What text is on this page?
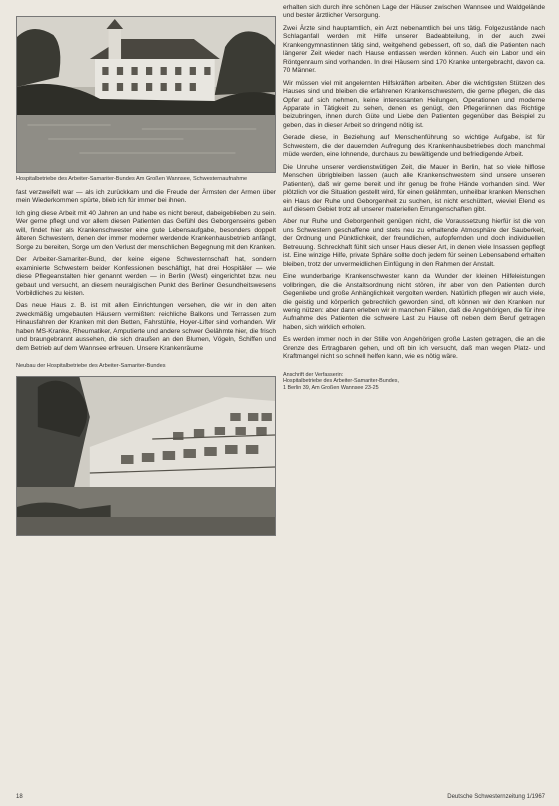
Hospitalbetriebe des Arbeiter-Samariter-Bundes Am Großen Wannsee, Schwesternaufnahme

fast verzweifelt war — als ich zurückkam und die Freude der Ärmsten der Armen über mein Wiederkommen spürte, blieb ich für immer bei ihnen.

Ich ging diese Arbeit mit 40 Jahren an und habe es nicht bereut, dabeigeblieben zu sein. Wer gerne pflegt und vor allem diesen Patienten das Gefühl des Geborgenseins geben will, findet hier als Krankenschwester eine gute Lebensaufgabe, besonders doppelt älteren Schwestern, denen der immer moderner werdende Krankenhausbetrieb anfängt, Sorge zu bereiten, Sorge um den Verlust der menschlichen Begegnung mit den Kranken.

Der Arbeiter-Samariter-Bund, der keine eigene Schwesternschaft hat, sondern examinierte Schwestern beider Konfessionen beschäftigt, hat drei Hospitäler — wie diese Pflegeanstalten hier genannt werden — in Berlin (West) eingerichtet bzw. neu gebaut und versucht, an diesem neuralgischen Punkt des Berliner Gesundheitswesens Vorbildliches zu leisten.

Das neue Haus z. B. ist mit allen Einrichtungen versehen, die wir in den alten zweckmäßig umgebauten Häusern vermißten: reichliche Balkons und Terrassen zum Hinausfahren der Kranken mit den Betten, Fahrstühle, Hoyer-Lifter sind vorhanden. Wir haben MS-Kranke, Rheumatiker, Amputierte und andere schwer Gelähmte hier, die frisch und braungebrannt aussehen, die sich draußen an den Blumen, Vögeln, Schiffen und dem Betrieb auf dem Wannsee erfreuen. Unsere Krankenräume

Neubau der Hospitalbetriebe des Arbeiter-Samariter-Bundes

erhalten sich durch ihre schönen Lage der Häuser zwischen Wannsee und Waldgelände und bester ärztlicher Versorgung.

Zwei Ärzte sind hauptamtlich, ein Arzt nebenamtlich bei uns tätig. Folgezustände nach Schlaganfall werden mit Hilfe unserer Badeabteilung, in der auch zwei Krankengymnastinnen tätig sind, weitgehend gebessert, oft so, daß die Patienten nach längerer Zeit wieder nach Hause entlassen werden können. Auch ein Labor und ein Röntgenraum sind vorhanden. In drei Häusern sind 170 Kranke untergebracht, davon ca. 70 Männer.

Wir müssen viel mit angelernten Hilfskräften arbeiten. Aber die wichtigsten Stützen des Hauses sind und bleiben die erfahrenen Krankenschwestern, die gerne pflegen, die das Opfer auf sich nehmen, keine interessanten Heilungen, Operationen und moderne Apparate in Tätigkeit zu sehen, denen es genügt, den Pflegeriinnen das Richtige beizubringen, ihnen durch Güte und Liebe den Patienten gegenüber das Beispiel zu geben, das in dieser Arbeit so dringend nötig ist.

Gerade diese, in Beziehung auf Menschenführung so wichtige Aufgabe, ist für Schwestern, die der dauernden Aufregung des Krankenhausbetriebes doch manchmal müde werden, eine lohnende, durchaus zu bewältigende und befriedigende Arbeit.

Die Unruhe unserer verdienstwütigen Zeit, die Mauer in Berlin, hat so viele hilflose Menschen übrigbleiben lassen (auch alle Krankenschwestern sind unsere unseren Patienten), daß wir gerne bereit und ihr genug be frohe Hände vorhanden sind. Wer plötzlich vor die Situation gestellt wird, für einen gelähmten, unheilbar kranken Menschen ein Haus der Ruhe und Geborgenheit zu suchen, ist nicht erschüttert, wieviel Elend es auf diesem Gebiet trotz all unserer materiellen Errungenschaften gibt.

Aber nur Ruhe und Geborgenheit genügen nicht, die Voraussetzung hierfür ist die von uns Schwestern geschaffene und stets neu zu erhaltende Atmosphäre der Sauberkeit, der Ordnung und Pünktlichkeit, der freundlichen, aufopfernden und doch individuellen Betreuung. Schreckhaft fühlt sich unser Haus dieser Art, in denen viele Insassen gepflegt ist. Eine winzige Hilfe, private Sphäre sollte doch jedem für seinen Lebensabend erhalten bleiben, trotz der unvermeidlichen Einfügung in den Rahmen der Anstalt.

Eine wunderbarige Krankenschwester kann da Wunder der kleinen Hilfeleistungen vollbringen, die die Anstaltsordnung nicht stören, ihr aber von den Patienten durch Gegenliebe und große Anhänglichkeit vergolten werden. Natürlich pflegen wir auch viele, die geistig und körperlich gebrechlich geworden sind, oft können wir den Kranken nur wenig nützen: aber dann erleben wir in manchen Fällen, daß die Angehörigen, die für ihre Aufnahme des Patienten die schwere Last zu Hause oft neben dem Beruf getragen haben, sich wirklich erholen.

Es werden immer noch in der Stille von Angehörigen große Lasten getragen, die an die Grenze des Ertragbaren gehen, und oft bin ich versucht, daß man wegen Platz- und Kraftmangel nicht so schnell helfen kann, wie es nötig wäre.

Anschrift der Verfasserin:
Hospitalbetriebe des Arbeiter-Samariter-Bundes,
1 Berlin 39, Am Großen Wannsee 23-25
18	Deutsche Schwesternzeitung 1/1967
